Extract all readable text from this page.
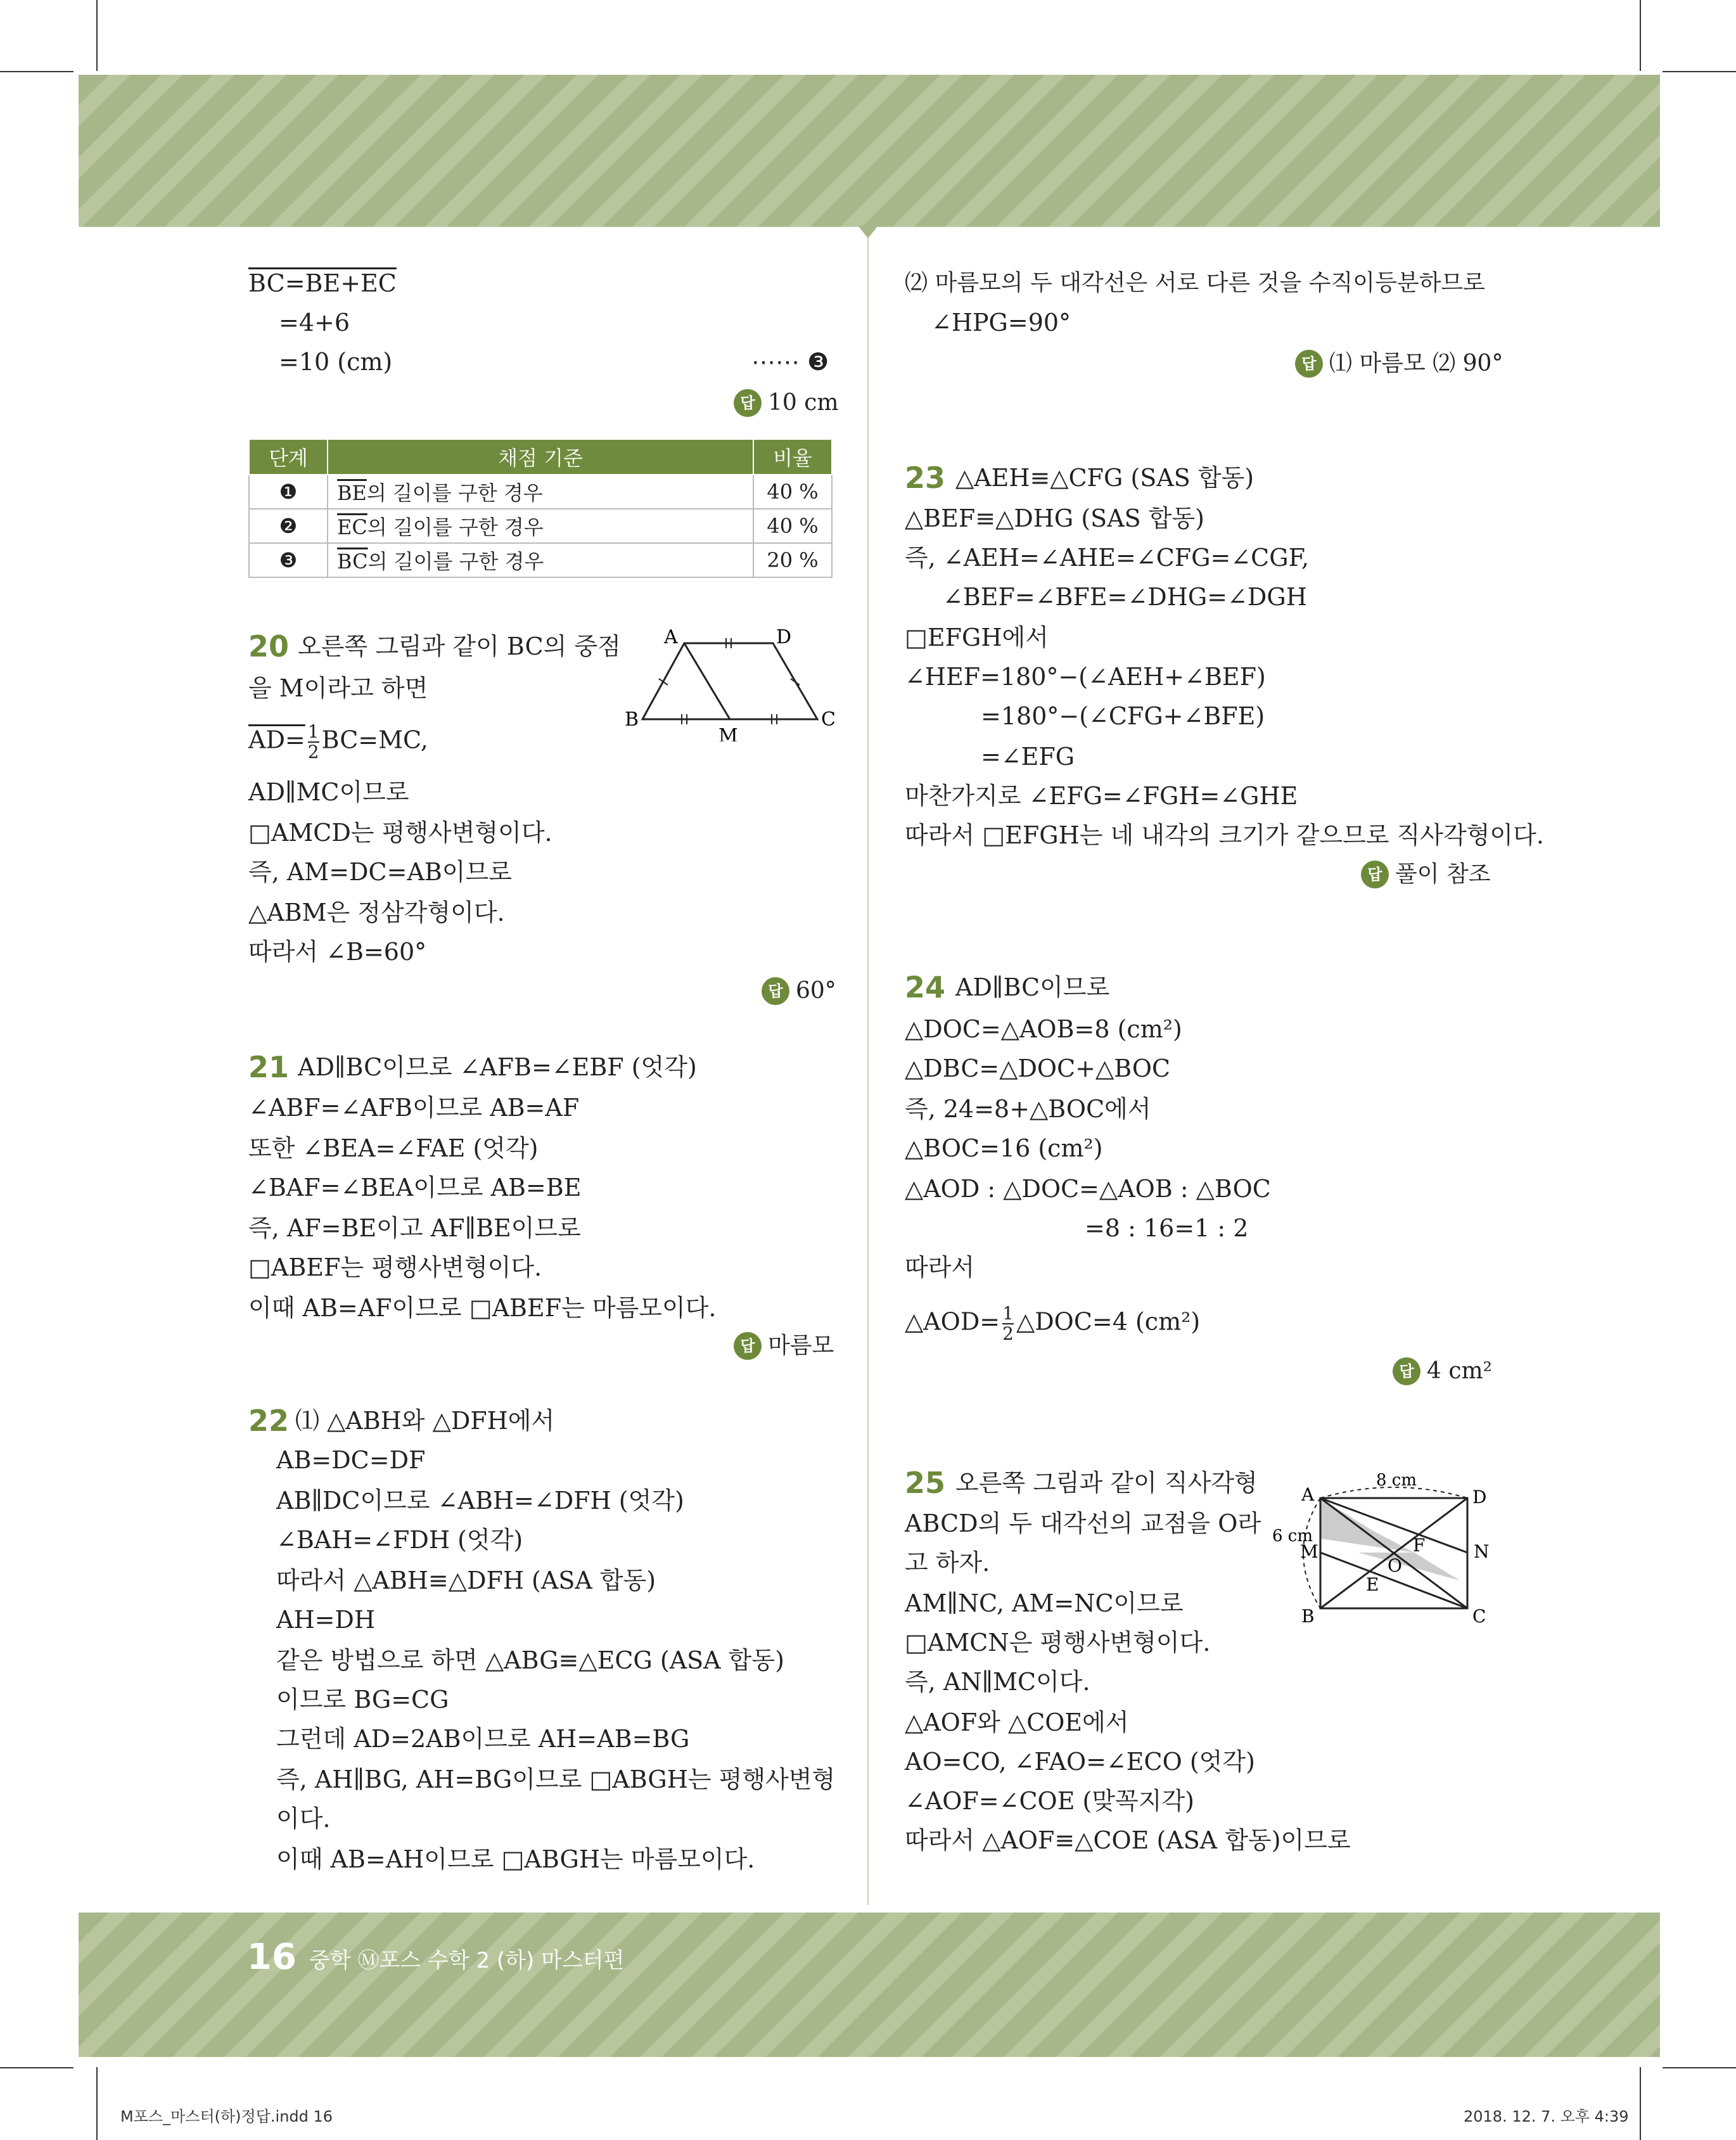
BC=BE+EC
=4+6
=10 (cm)	⋯⋯ ❸
답 10 cm
단계	채점 기준	비율
❶	$\overline{BE}$의 길이를 구한 경우	40 %
❷	$\overline{EC}$의 길이를 구한 경우	40 %
❸	$\overline{BC}$의 길이를 구한 경우	20 %
20 오른쪽 그림과 같이 BC의 중점
을 M이라고 하면
$AD= \frac{1}{2} BC=MC$,
AD∥MC이므로
□AMCD는 평행사변형이다.
즉, AM=DC=AB이므로
△ABM은 정삼각형이다.
따라서 ∠B=60°
A	D
B	C
M
답 60°
21 AD∥BC이므로 ∠AFB=∠EBF (엇각)
∠ABF=∠AFB이므로 AB=AF
또한 ∠BEA=∠FAE (엇각)
∠BAF=∠BEA이므로 AB=BE
즉, AF=BE이고 AF∥BE이므로
□ABEF는 평행사변형이다.
이때 AB=AF이므로 □ABEF는 마름모이다.
답 마름모
22 ⑴ △ABH와 △DFH에서
AB=DC=DF
AB∥DC이므로 ∠ABH=∠DFH (엇각)
∠BAH=∠FDH (엇각)
따라서 △ABH≡△DFH (ASA 합동)
AH=DH
같은 방법으로 하면 △ABG≡△ECG (ASA 합동)
이므로 BG=CG
그런데 AD=2AB이므로 AH=AB=BG
즉, AH∥BG, AH=BG이므로 □ABGH는 평행사변형
이다.
이때 AB=AH이므로 □ABGH는 마름모이다.
⑵ 마름모의 두 대각선은 서로 다른 것을 수직이등분하므로
∠HPG=90°
답 ⑴ 마름모 ⑵ 90°
23 △AEH≡△CFG (SAS 합동)
△BEF≡△DHG (SAS 합동)
즉, ∠AEH=∠AHE=∠CFG=∠CGF,
∠BEF=∠BFE=∠DHG=∠DGH
□EFGH에서
∠HEF=180°−(∠AEH+∠BEF)
=180°−(∠CFG+∠BFE)
=∠EFG
마찬가지로 ∠EFG=∠FGH=∠GHE
따라서 □EFGH는 네 내각의 크기가 같으므로 직사각형이다.
답 풀이 참조
24 AD∥BC이므로
△DOC=△AOB=8 (cm²)
△DBC=△DOC+△BOC
즉, 24=8+△BOC에서
△BOC=16 (cm²)
△AOD : △DOC=△AOB : △BOC
=8 : 16=1 : 2
따라서
△AOD= $\frac{1}{2}$ △DOC=4 (cm²)
답 4 cm²
25 오른쪽 그림과 같이 직사각형
ABCD의 두 대각선의 교점을 O라
고 하자.
AM∥NC, AM=NC이므로
□AMCN은 평행사변형이다.
즉, AN∥MC이다.
△AOF와 △COE에서
AO=CO, ∠FAO=∠ECO (엇각)
∠AOF=∠COE (맞꼭지각)
따라서 △AOF≡△COE (ASA 합동)이므로
A	D
B	C
M	N
O
E
F
8 cm
6 cm
16 중학 Ⓜ포스 수학 2 (하) 마스터편
M포스_마스터(하)정답.indd 16	2018. 12. 7. 오후 4:39
